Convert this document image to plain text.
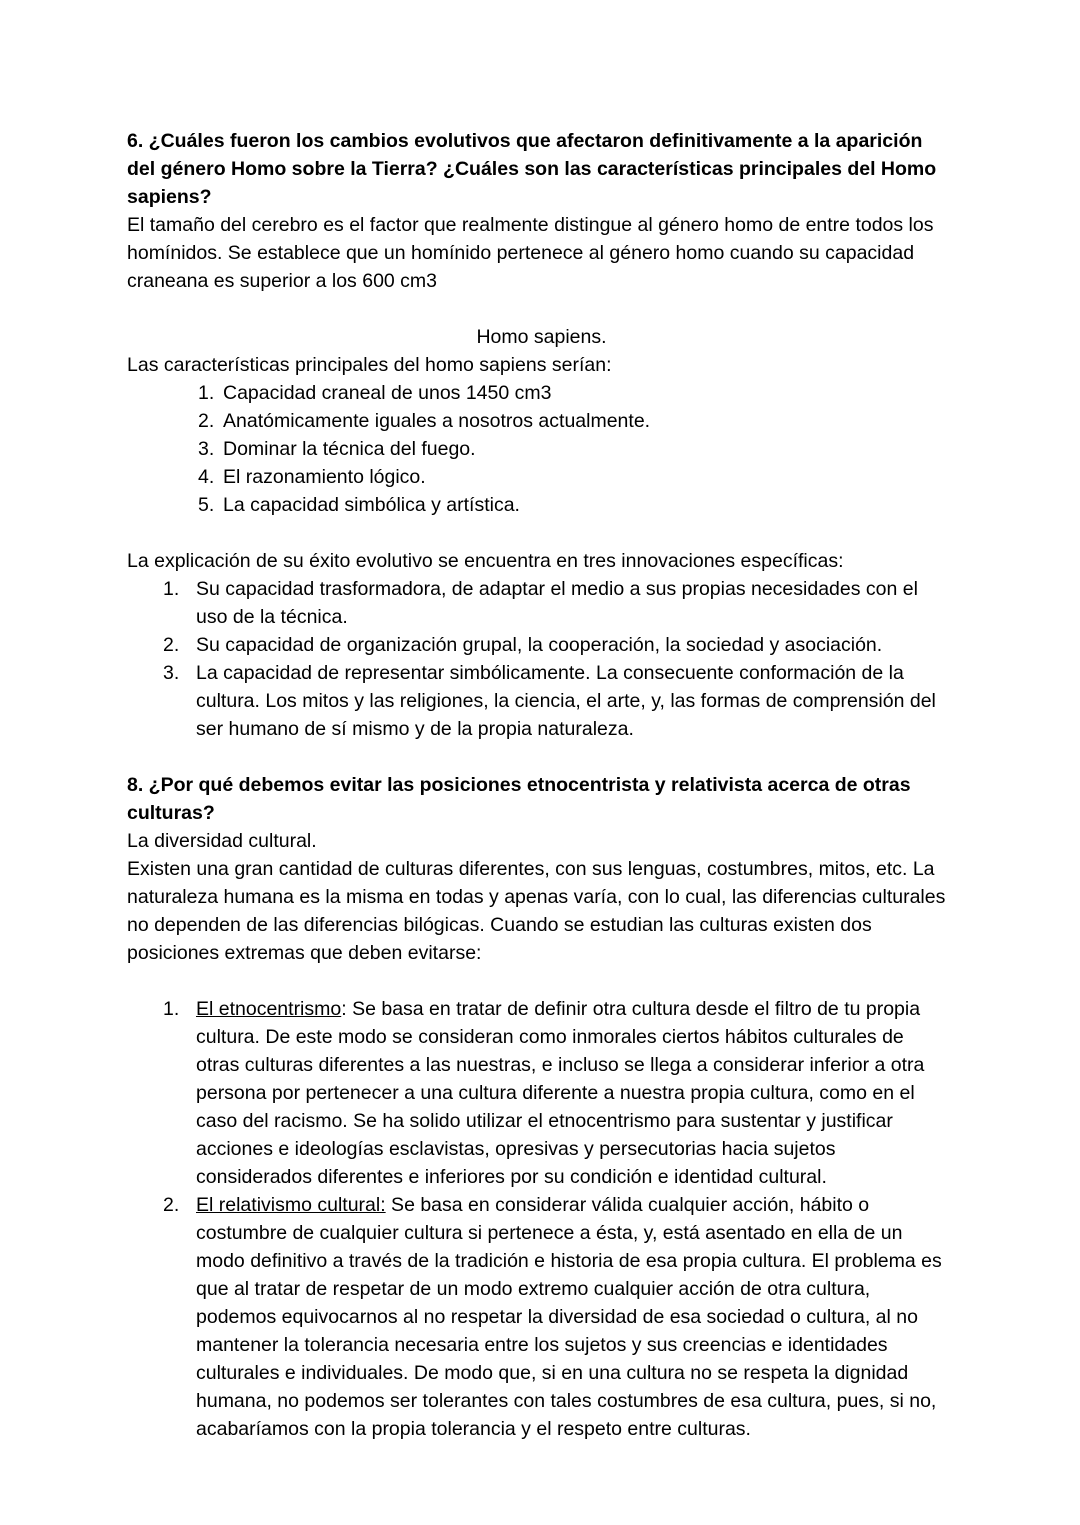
6. ¿Cuáles fueron los cambios evolutivos que afectaron definitivamente a la aparición del género Homo sobre la Tierra? ¿Cuáles son las características principales del Homo sapiens?

El tamaño del cerebro es el factor que realmente distingue al género homo de entre todos los homínidos. Se establece que un homínido pertenece al género homo cuando su capacidad craneana es superior a los 600 cm3

Homo sapiens.

Las características principales del homo sapiens serían:

1. Capacidad craneal de unos 1450 cm3
2. Anatómicamente iguales a nosotros actualmente.
3. Dominar la técnica del fuego.
4. El razonamiento lógico.
5. La capacidad simbólica y artística.

La explicación de su éxito evolutivo se encuentra en tres innovaciones específicas:

1. Su capacidad trasformadora, de adaptar el medio a sus propias necesidades con el uso de la técnica.
2. Su capacidad de organización grupal, la cooperación, la sociedad y asociación.
3. La capacidad de representar simbólicamente. La consecuente conformación de la cultura. Los mitos y las religiones, la ciencia, el arte, y, las formas de comprensión del ser humano de sí mismo y de la propia naturaleza.

8. ¿Por qué debemos evitar las posiciones etnocentrista y relativista acerca de otras culturas?

La diversidad cultural.

Existen una gran cantidad de culturas diferentes, con sus lenguas, costumbres, mitos, etc. La naturaleza humana es la misma en todas y apenas varía, con lo cual, las diferencias culturales no dependen de las diferencias bilógicas. Cuando se estudian las culturas existen dos posiciones extremas que deben evitarse:

1. El etnocentrismo: Se basa en tratar de definir otra cultura desde el filtro de tu propia cultura. De este modo se consideran como inmorales ciertos hábitos culturales de otras culturas diferentes a las nuestras, e incluso se llega a considerar inferior a otra persona por pertenecer a una cultura diferente a nuestra propia cultura, como en el caso del racismo. Se ha solido utilizar el etnocentrismo para sustentar y justificar acciones e ideologías esclavistas, opresivas y persecutorias hacia sujetos considerados diferentes e inferiores por su condición e identidad cultural.
2. El relativismo cultural: Se basa en considerar válida cualquier acción, hábito o costumbre de cualquier cultura si pertenece a ésta, y, está asentado en ella de un modo definitivo a través de la tradición e historia de esa propia cultura. El problema es que al tratar de respetar de un modo extremo cualquier acción de otra cultura, podemos equivocarnos al no respetar la diversidad de esa sociedad o cultura, al no mantener la tolerancia necesaria entre los sujetos y sus creencias e identidades culturales e individuales. De modo que, si en una cultura no se respeta la dignidad humana, no podemos ser tolerantes con tales costumbres de esa cultura, pues, si no, acabaríamos con la propia tolerancia y el respeto entre culturas.
